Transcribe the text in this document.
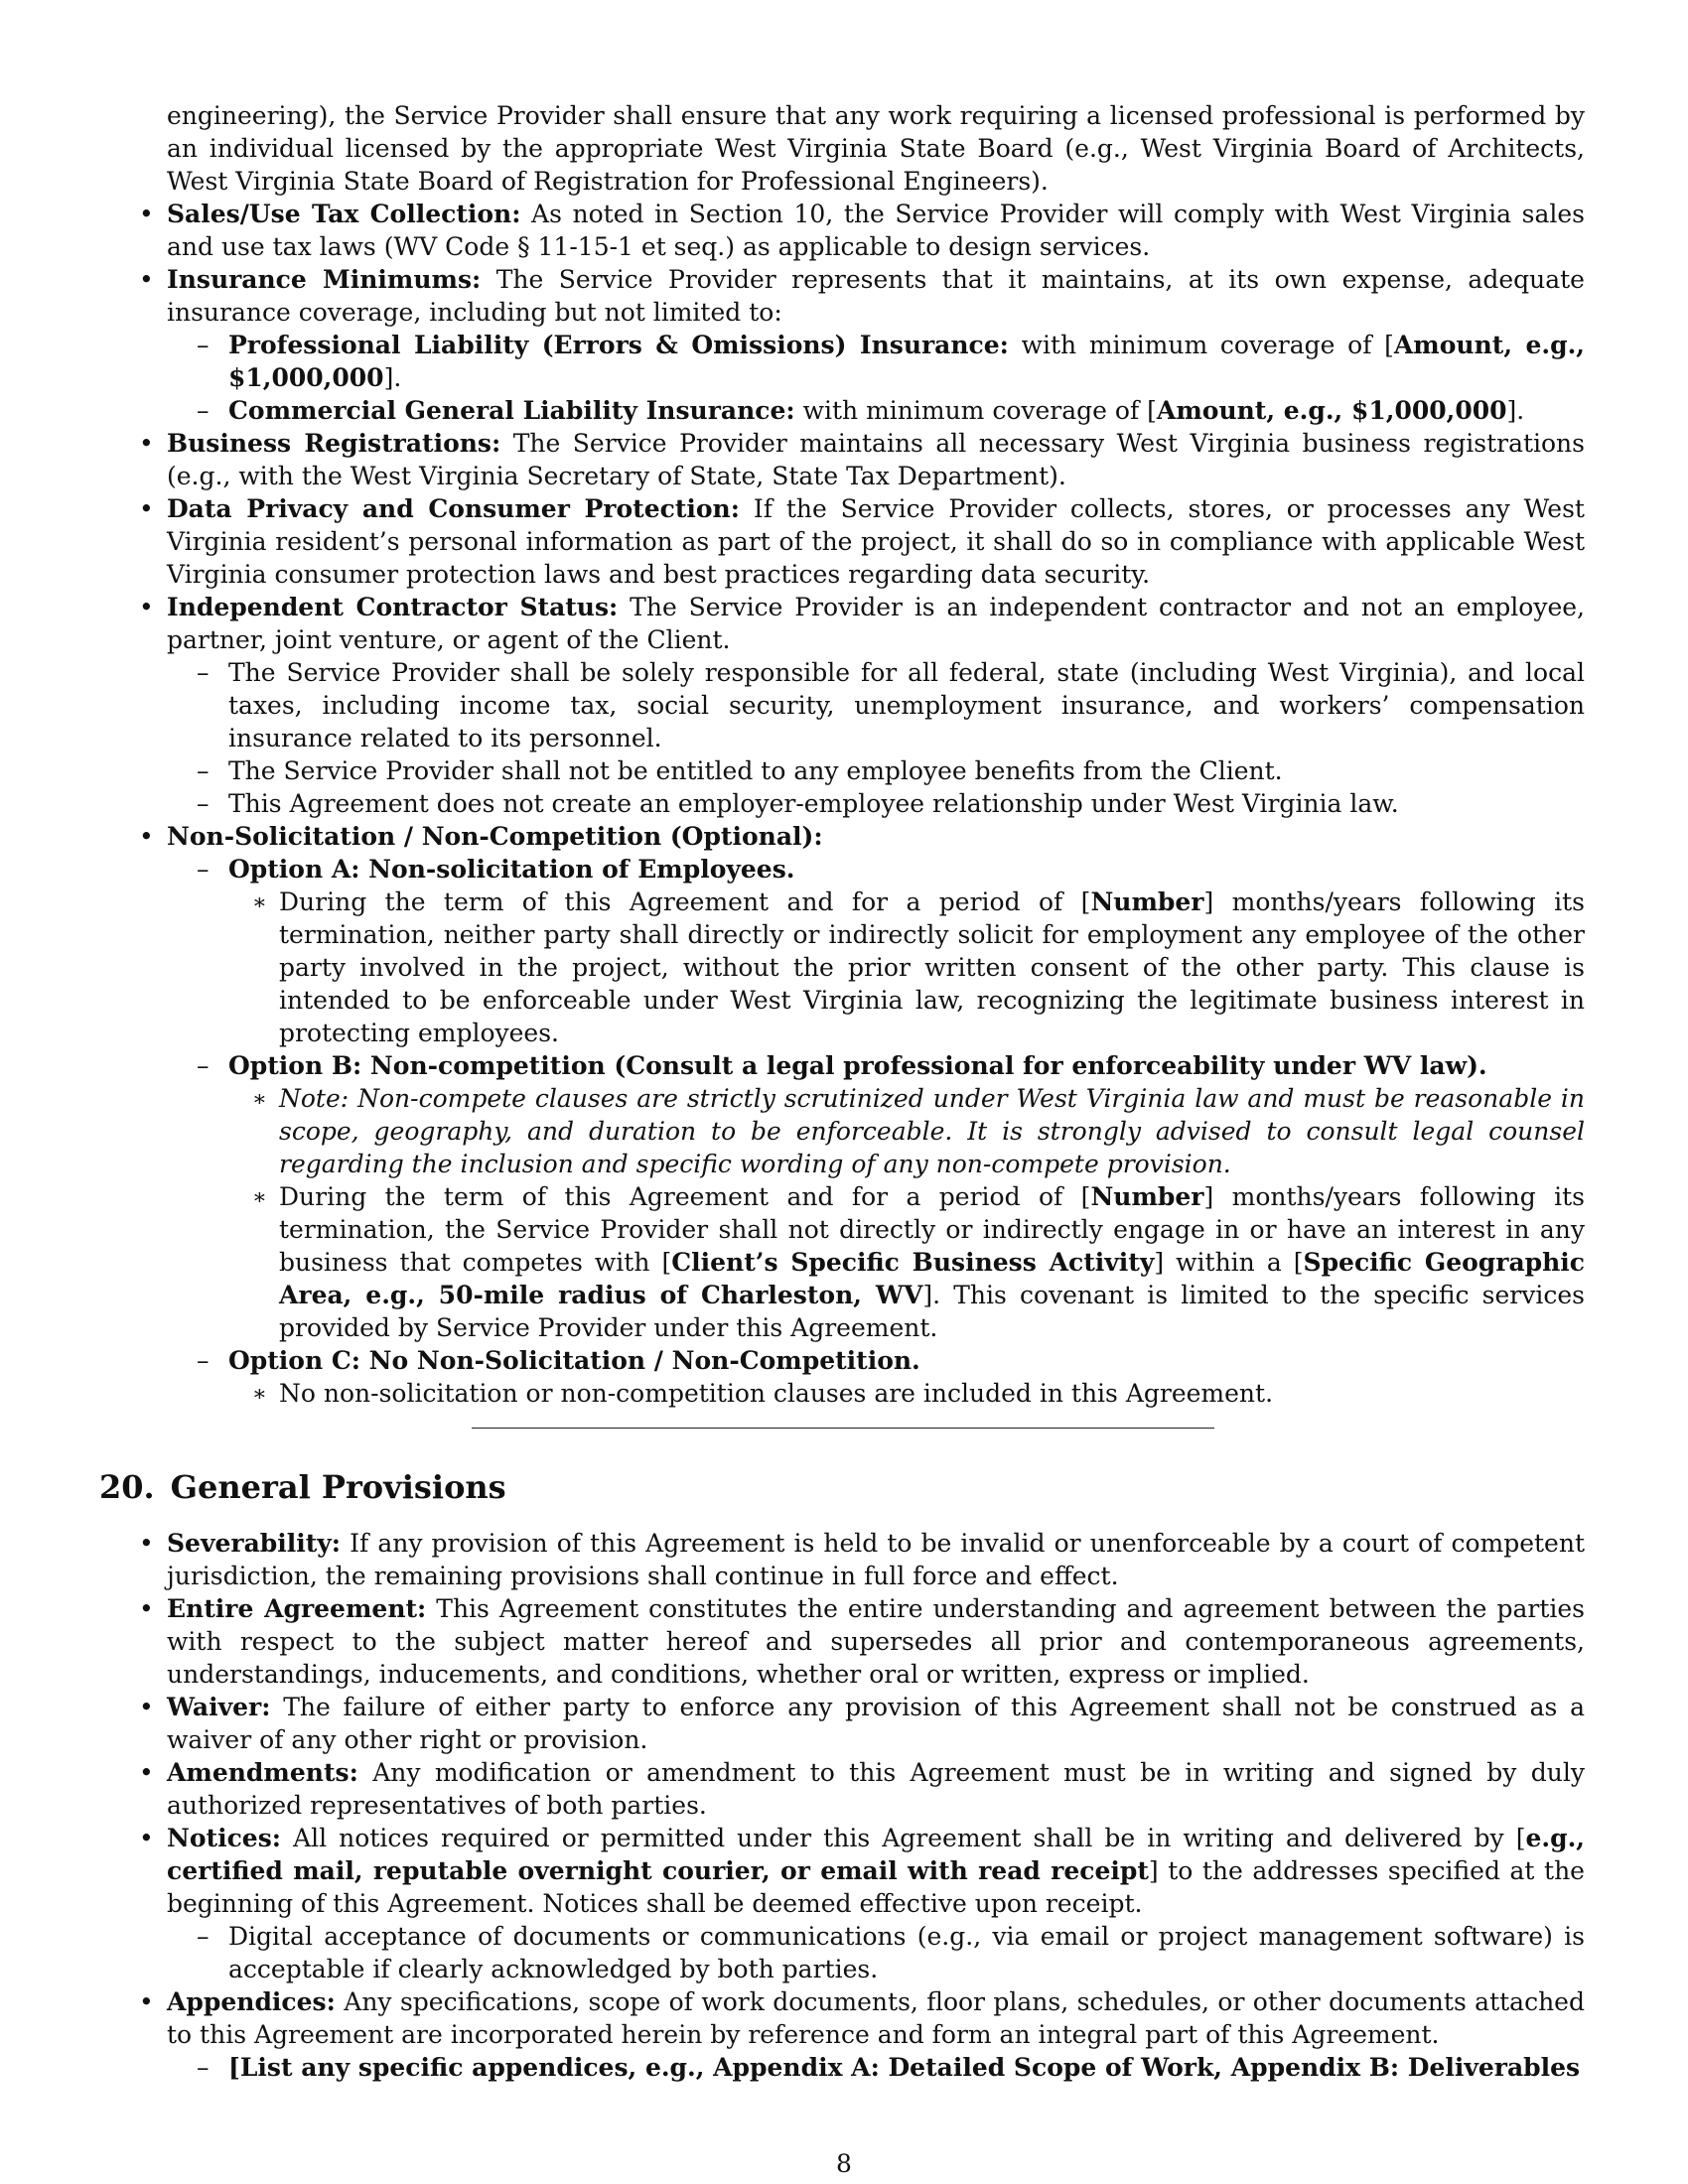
engineering), the Service Provider shall ensure that any work requiring a licensed professional is performed by an individual licensed by the appropriate West Virginia State Board (e.g., West Virginia Board of Architects, West Virginia State Board of Registration for Professional Engineers).

• Sales/Use Tax Collection: As noted in Section 10, the Service Provider will comply with West Virginia sales and use tax laws (WV Code § 11-15-1 et seq.) as applicable to design services.
• Insurance Minimums: The Service Provider represents that it maintains, at its own expense, adequate insurance coverage, including but not limited to:
– Professional Liability (Errors & Omissions) Insurance: with minimum coverage of [Amount, e.g., $1,000,000].
– Commercial General Liability Insurance: with minimum coverage of [Amount, e.g., $1,000,000].
• Business Registrations: The Service Provider maintains all necessary West Virginia business registrations (e.g., with the West Virginia Secretary of State, State Tax Department).
• Data Privacy and Consumer Protection: If the Service Provider collects, stores, or processes any West Virginia resident’s personal information as part of the project, it shall do so in compliance with applicable West Virginia consumer protection laws and best practices regarding data security.
• Independent Contractor Status: The Service Provider is an independent contractor and not an employee, partner, joint venture, or agent of the Client.
– The Service Provider shall be solely responsible for all federal, state (including West Virginia), and local taxes, including income tax, social security, unemployment insurance, and workers’ compensation insurance related to its personnel.
– The Service Provider shall not be entitled to any employee benefits from the Client.
– This Agreement does not create an employer-employee relationship under West Virginia law.
• Non-Solicitation / Non-Competition (Optional):
– Option A: Non-solicitation of Employees.
∗ During the term of this Agreement and for a period of [Number] months/years following its termination, neither party shall directly or indirectly solicit for employment any employee of the other party involved in the project, without the prior written consent of the other party. This clause is intended to be enforceable under West Virginia law, recognizing the legitimate business interest in protecting employees.
– Option B: Non-competition (Consult a legal professional for enforceability under WV law).
∗ Note: Non-compete clauses are strictly scrutinized under West Virginia law and must be reasonable in scope, geography, and duration to be enforceable. It is strongly advised to consult legal counsel regarding the inclusion and specific wording of any non-compete provision.
∗ During the term of this Agreement and for a period of [Number] months/years following its termination, the Service Provider shall not directly or indirectly engage in or have an interest in any business that competes with [Client’s Specific Business Activity] within a [Specific Geographic Area, e.g., 50-mile radius of Charleston, WV]. This covenant is limited to the specific services provided by Service Provider under this Agreement.
– Option C: No Non-Solicitation / Non-Competition.
∗ No non-solicitation or non-competition clauses are included in this Agreement.
20. General Provisions
• Severability: If any provision of this Agreement is held to be invalid or unenforceable by a court of competent jurisdiction, the remaining provisions shall continue in full force and effect.
• Entire Agreement: This Agreement constitutes the entire understanding and agreement between the parties with respect to the subject matter hereof and supersedes all prior and contemporaneous agreements, understandings, inducements, and conditions, whether oral or written, express or implied.
• Waiver: The failure of either party to enforce any provision of this Agreement shall not be construed as a waiver of any other right or provision.
• Amendments: Any modification or amendment to this Agreement must be in writing and signed by duly authorized representatives of both parties.
• Notices: All notices required or permitted under this Agreement shall be in writing and delivered by [e.g., certified mail, reputable overnight courier, or email with read receipt] to the addresses specified at the beginning of this Agreement. Notices shall be deemed effective upon receipt.
– Digital acceptance of documents or communications (e.g., via email or project management software) is acceptable if clearly acknowledged by both parties.
• Appendices: Any specifications, scope of work documents, floor plans, schedules, or other documents attached to this Agreement are incorporated herein by reference and form an integral part of this Agreement.
– [List any specific appendices, e.g., Appendix A: Detailed Scope of Work, Appendix B: Deliverables
8
